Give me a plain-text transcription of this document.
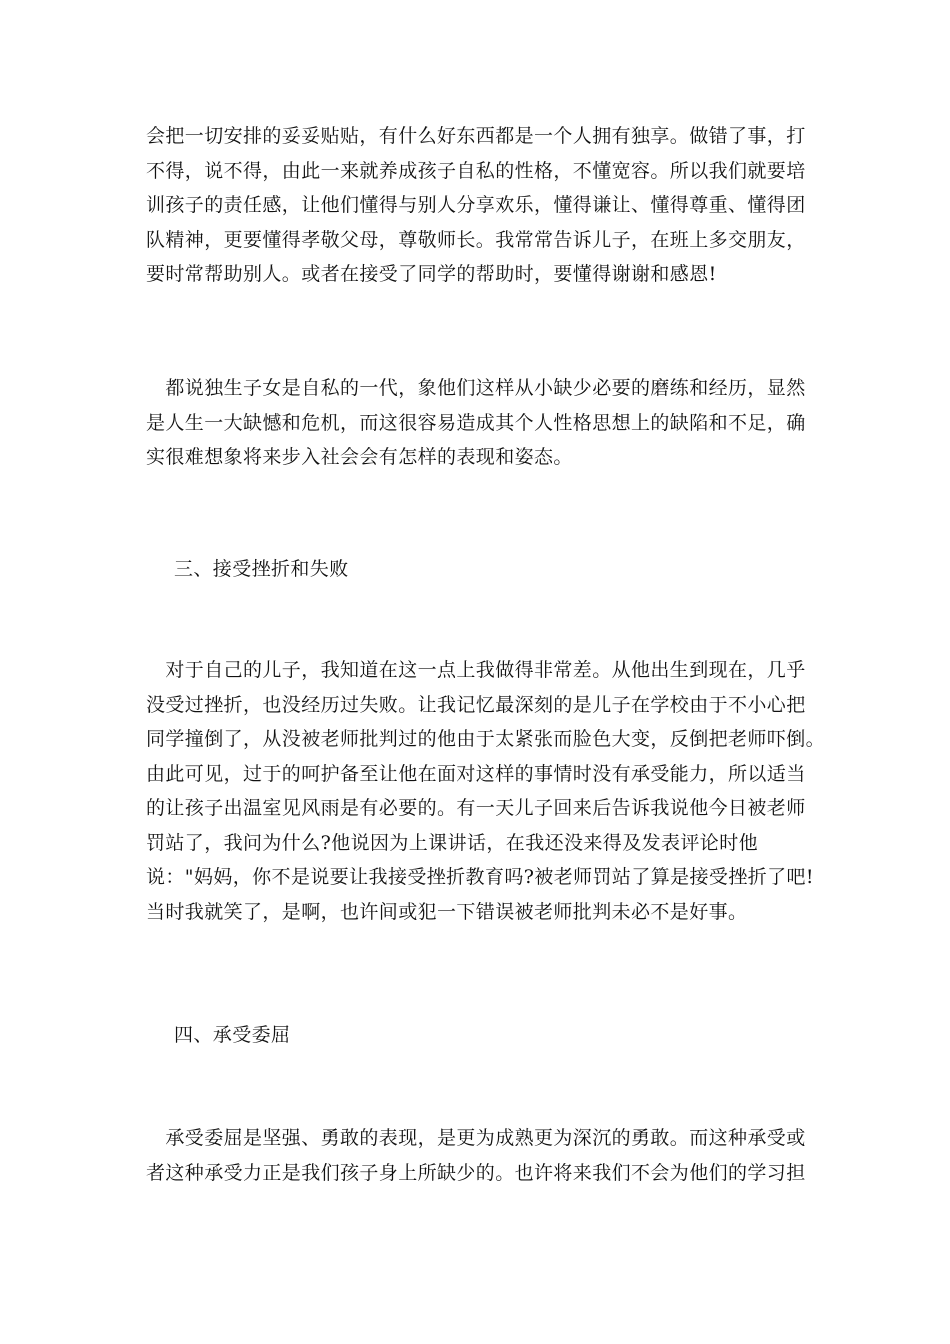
会把一切安排的妥妥贴贴，有什么好东西都是一个人拥有独享。做错了事，打
不得，说不得，由此一来就养成孩子自私的性格，不懂宽容。所以我们就要培
训孩子的责任感，让他们懂得与别人分享欢乐，懂得谦让、懂得尊重、懂得团
队精神，更要懂得孝敬父母，尊敬师长。我常常告诉儿子，在班上多交朋友，
要时常帮助别人。或者在接受了同学的帮助时，要懂得谢谢和感恩!

　都说独生子女是自私的一代，象他们这样从小缺少必要的磨练和经历，显然
是人生一大缺憾和危机，而这很容易造成其个人性格思想上的缺陷和不足，确
实很难想象将来步入社会会有怎样的表现和姿态。

三、接受挫折和失败

　对于自己的儿子，我知道在这一点上我做得非常差。从他出生到现在，几乎
没受过挫折，也没经历过失败。让我记忆最深刻的是儿子在学校由于不小心把
同学撞倒了，从没被老师批判过的他由于太紧张而脸色大变，反倒把老师吓倒。
由此可见，过于的呵护备至让他在面对这样的事情时没有承受能力，所以适当
的让孩子出温室见风雨是有必要的。有一天儿子回来后告诉我说他今日被老师
罚站了，我问为什么?他说因为上课讲话，在我还没来得及发表评论时他
说："妈妈，你不是说要让我接受挫折教育吗?被老师罚站了算是接受挫折了吧!
当时我就笑了，是啊，也许间或犯一下错误被老师批判未必不是好事。

四、承受委屈

　承受委屈是坚强、勇敢的表现，是更为成熟更为深沉的勇敢。而这种承受或
者这种承受力正是我们孩子身上所缺少的。也许将来我们不会为他们的学习担
